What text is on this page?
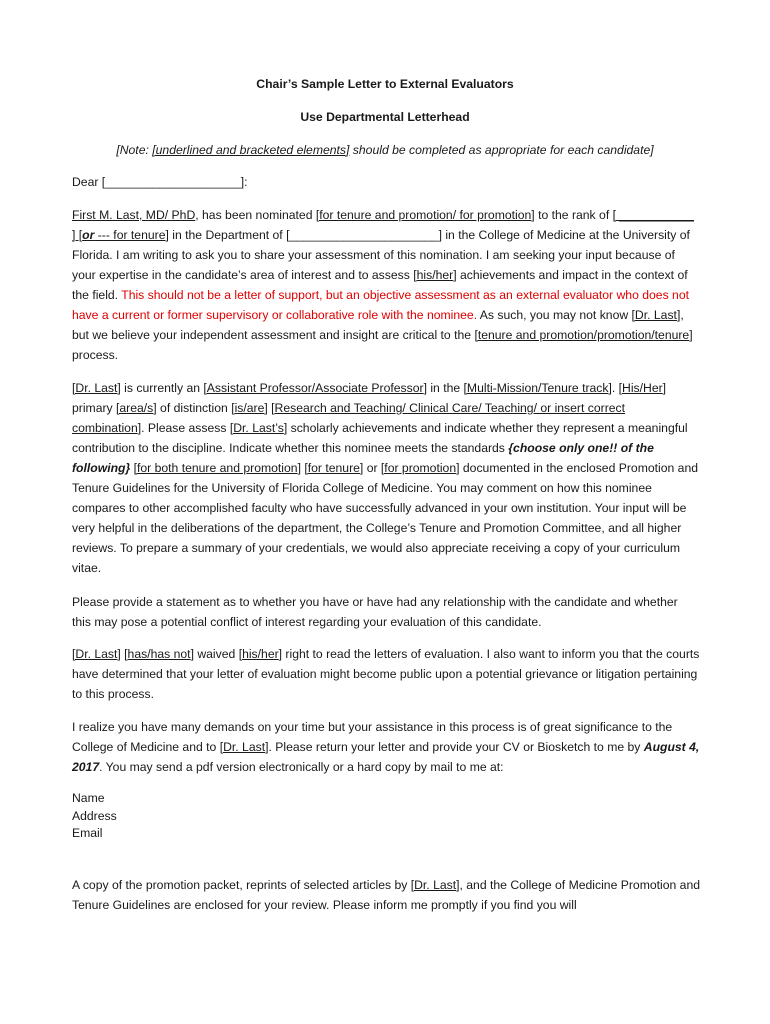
Chair’s Sample Letter to External Evaluators
Use Departmental Letterhead
[Note: [underlined and bracketed elements] should be completed as appropriate for each candidate]
Dear [____________________]:
First M. Last, MD/ PhD, has been nominated [for tenure and promotion/ for promotion] to the rank of [ ___________ ] [or --- for tenure] in the Department of [______________________] in the College of Medicine at the University of Florida. I am writing to ask you to share your assessment of this nomination. I am seeking your input because of your expertise in the candidate’s area of interest and to assess [his/her] achievements and impact in the context of the field. This should not be a letter of support, but an objective assessment as an external evaluator who does not have a current or former supervisory or collaborative role with the nominee. As such, you may not know [Dr. Last], but we believe your independent assessment and insight are critical to the [tenure and promotion/promotion/tenure] process.
[Dr. Last] is currently an [Assistant Professor/Associate Professor] in the [Multi-Mission/Tenure track]. [His/Her] primary [area/s] of distinction [is/are] [Research and Teaching/ Clinical Care/ Teaching/ or insert correct combination]. Please assess [Dr. Last’s] scholarly achievements and indicate whether they represent a meaningful contribution to the discipline. Indicate whether this nominee meets the standards {choose only one!! of the following} [for both tenure and promotion] [for tenure] or [for promotion] documented in the enclosed Promotion and Tenure Guidelines for the University of Florida College of Medicine. You may comment on how this nominee compares to other accomplished faculty who have successfully advanced in your own institution. Your input will be very helpful in the deliberations of the department, the College’s Tenure and Promotion Committee, and all higher reviews. To prepare a summary of your credentials, we would also appreciate receiving a copy of your curriculum vitae.
Please provide a statement as to whether you have or have had any relationship with the candidate and whether this may pose a potential conflict of interest regarding your evaluation of this candidate.
[Dr. Last] [has/has not] waived [his/her] right to read the letters of evaluation. I also want to inform you that the courts have determined that your letter of evaluation might become public upon a potential grievance or litigation pertaining to this process.
I realize you have many demands on your time but your assistance in this process is of great significance to the College of Medicine and to [Dr. Last]. Please return your letter and provide your CV or Biosketch to me by August 4, 2017. You may send a pdf version electronically or a hard copy by mail to me at:
Name
Address
Email
A copy of the promotion packet, reprints of selected articles by [Dr. Last], and the College of Medicine Promotion and Tenure Guidelines are enclosed for your review. Please inform me promptly if you find you will
